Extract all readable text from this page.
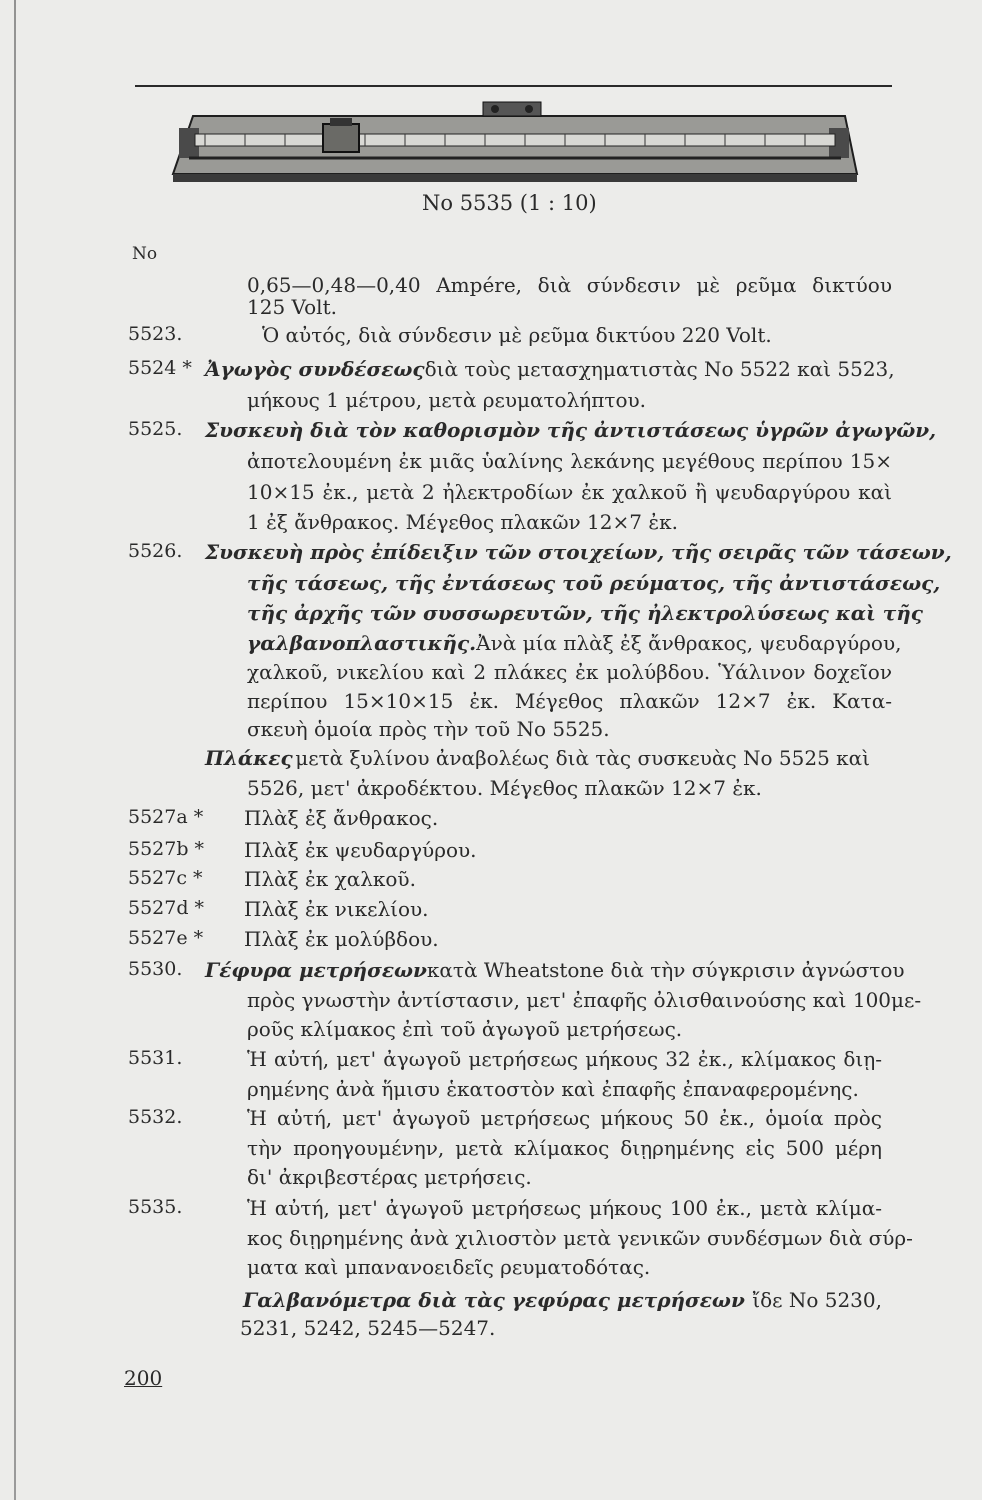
No 5535 (1 : 10)
No
0,65—0,48—0,40 Ampére, διὰ σύνδεσιν μὲ ρεῦμα δικτύου
125 Volt.
5523.	Ὁ αὐτός, διὰ σύνδεσιν μὲ ρεῦμα δικτύου 220 Volt.
5524 * Ἀγωγὸς συνδέσεως διὰ τοὺς μετασχηματιστὰς No 5522 καὶ 5523,
μήκους 1 μέτρου, μετὰ ρευματολήπτου.
5525. Συσκευὴ διὰ τὸν καθορισμὸν τῆς ἀντιστάσεως ὑγρῶν ἀγωγῶν,
ἀποτελουμένη ἐκ μιᾶς ὑαλίνης λεκάνης μεγέθους περίπου 15×
10×15 ἐκ., μετὰ 2 ἠλεκτροδίων ἐκ χαλκοῦ ἢ ψευδαργύρου καὶ
1 ἐξ ἄνθρακος. Μέγεθος πλακῶν 12×7 ἐκ.
5526. Συσκευὴ πρὸς ἐπίδειξιν τῶν στοιχείων, τῆς σειρᾶς τῶν τάσεων,
τῆς τάσεως, τῆς ἐντάσεως τοῦ ρεύματος, τῆς ἀντιστάσεως,
τῆς ἀρχῆς τῶν συσσωρευτῶν, τῆς ἠλεκτρολύσεως καὶ τῆς
γαλβανοπλαστικῆς. Ἀνὰ μία πλὰξ ἐξ ἄνθρακος, ψευδαργύρου,
χαλκοῦ, νικελίου καὶ 2 πλάκες ἐκ μολύβδου. Ὑάλινον δοχεῖον
περίπου 15×10×15 ἐκ. Μέγεθος πλακῶν 12×7 ἐκ. Κατα-
σκευὴ ὁμοία πρὸς τὴν τοῦ No 5525.
Πλάκες μετὰ ξυλίνου ἀναβολέως διὰ τὰς συσκευὰς No 5525 καὶ
5526, μετ' ἀκροδέκτου. Μέγεθος πλακῶν 12×7 ἐκ.
5527a * Πλὰξ ἐξ ἄνθρακος.
5527b * Πλὰξ ἐκ ψευδαργύρου.
5527c * Πλὰξ ἐκ χαλκοῦ.
5527d * Πλὰξ ἐκ νικελίου.
5527e * Πλὰξ ἐκ μολύβδου.
5530. Γέφυρα μετρήσεων κατὰ Wheatstone διὰ τὴν σύγκρισιν ἀγνώστου
πρὸς γνωστὴν ἀντίστασιν, μετ' ἐπαφῆς ὀλισθαινούσης καὶ 100με-
ροῦς κλίμακος ἐπὶ τοῦ ἀγωγοῦ μετρήσεως.
5531.	Ἡ αὐτή, μετ' ἀγωγοῦ μετρήσεως μήκους 32 ἐκ., κλίμακος διῃ-
ρημένης ἀνὰ ἥμισυ ἑκατοστὸν καὶ ἐπαφῆς ἐπαναφερομένης.
5532.	Ἡ αὐτή, μετ' ἀγωγοῦ μετρήσεως μήκους 50 ἐκ., ὁμοία πρὸς
τὴν προηγουμένην, μετὰ κλίμακος διῃρημένης εἰς 500 μέρη
δι' ἀκριβεστέρας μετρήσεις.
5535.	Ἡ αὐτή, μετ' ἀγωγοῦ μετρήσεως μήκους 100 ἐκ., μετὰ κλίμα-
κος διῃρημένης ἀνὰ χιλιοστὸν μετὰ γενικῶν συνδέσμων διὰ σύρ-
ματα καὶ μπανανοειδεῖς ρευματοδότας.
Γαλβανόμετρα διὰ τὰς γεφύρας μετρήσεων ἴδε No 5230,
5231, 5242, 5245—5247.
200
